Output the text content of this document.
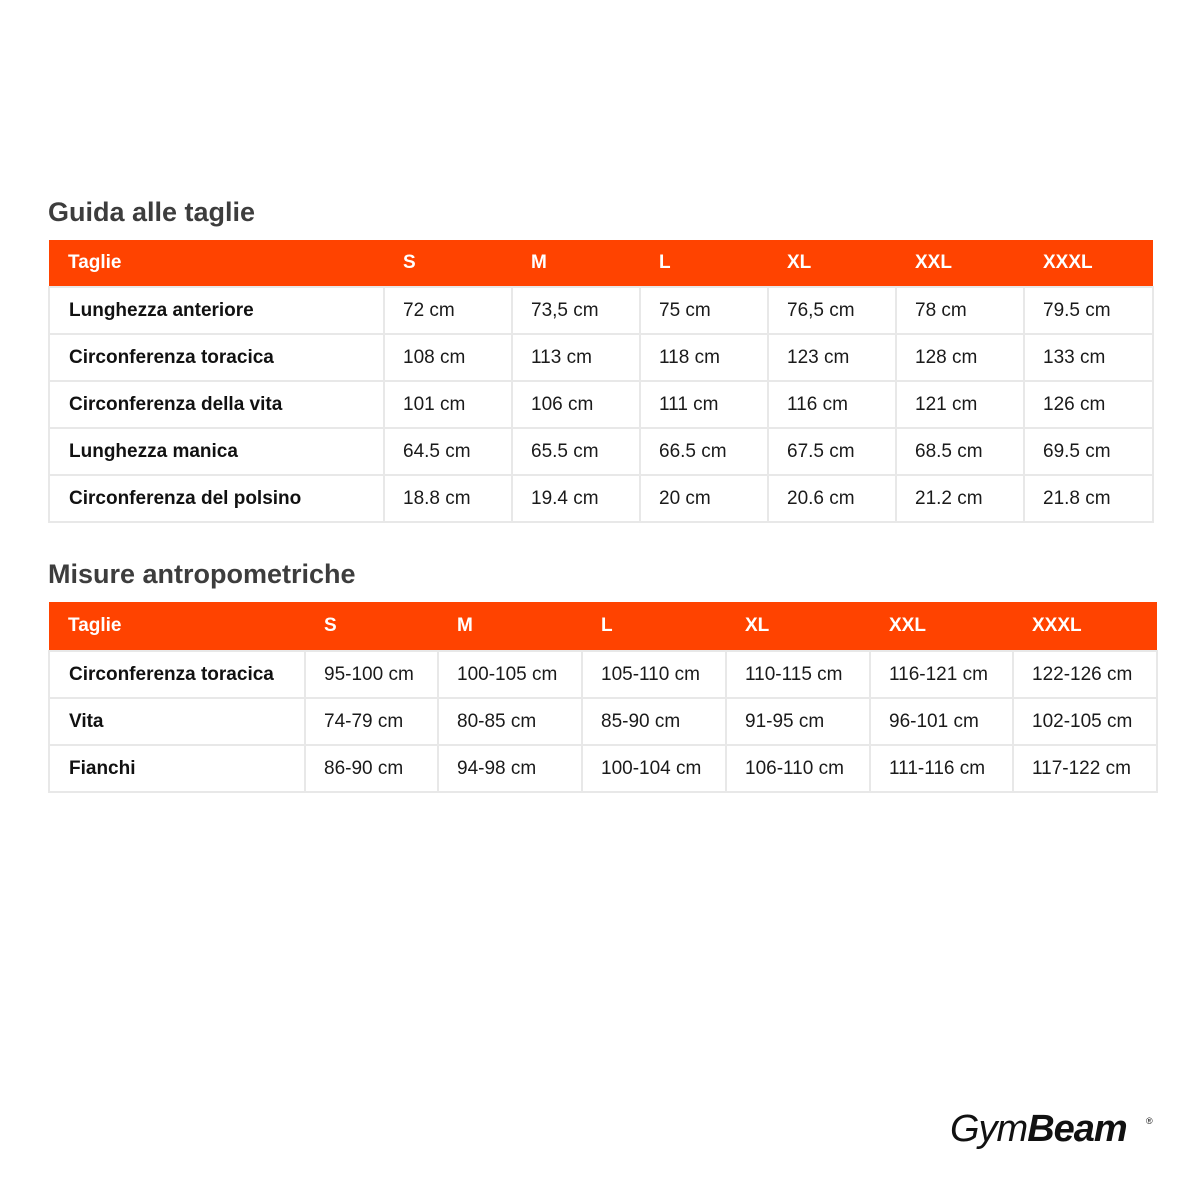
Guida alle taglie
Taglie	S	M	L	XL	XXL	XXXL
Lunghezza anteriore	72 cm	73,5 cm	75 cm	76,5 cm	78 cm	79.5 cm
Circonferenza toracica	108 cm	113 cm	118 cm	123 cm	128 cm	133 cm
Circonferenza della vita	101 cm	106 cm	111 cm	116 cm	121 cm	126 cm
Lunghezza manica	64.5 cm	65.5 cm	66.5 cm	67.5 cm	68.5 cm	69.5 cm
Circonferenza del polsino	18.8 cm	19.4 cm	20 cm	20.6 cm	21.2 cm	21.8 cm
Misure antropometriche
Taglie	S	M	L	XL	XXL	XXXL
Circonferenza toracica	95-100 cm	100-105 cm	105-110 cm	110-115 cm	116-121 cm	122-126 cm
Vita	74-79 cm	80-85 cm	85-90 cm	91-95 cm	96-101 cm	102-105 cm
Fianchi	86-90 cm	94-98 cm	100-104 cm	106-110 cm	111-116 cm	117-122 cm
GymBeam ®
